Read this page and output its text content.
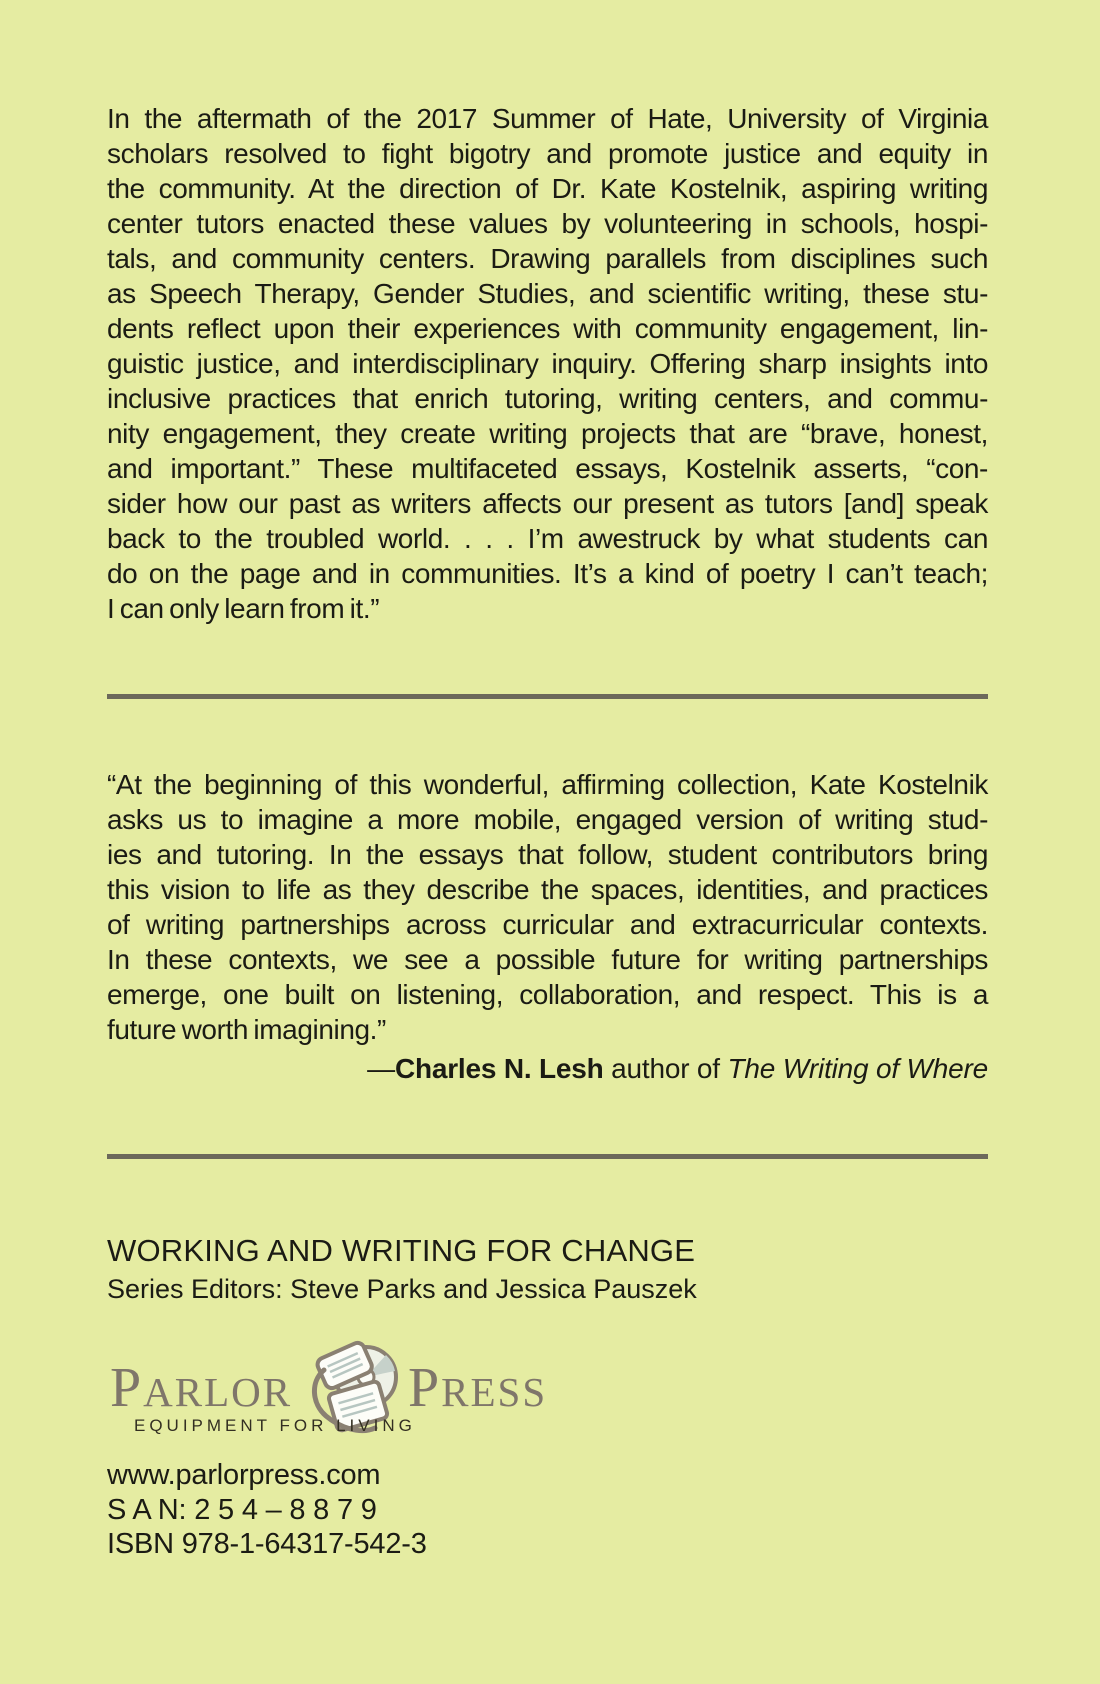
In the aftermath of the 2017 Summer of Hate, University of Virginia
scholars resolved to fight bigotry and promote justice and equity in
the community. At the direction of Dr. Kate Kostelnik, aspiring writing
center tutors enacted these values by volunteering in schools, hospi-
tals, and community centers. Drawing parallels from disciplines such
as Speech Therapy, Gender Studies, and scientific writing, these stu-
dents reflect upon their experiences with community engagement, lin-
guistic justice, and interdisciplinary inquiry. Offering sharp insights into
inclusive practices that enrich tutoring, writing centers, and commu-
nity engagement, they create writing projects that are “brave, honest,
and important.” These multifaceted essays, Kostelnik asserts, “con-
sider how our past as writers affects our present as tutors [and] speak
back to the troubled world. . . . I’m awestruck by what students can
do on the page and in communities. It’s a kind of poetry I can’t teach;
I can only learn from it.”
“At the beginning of this wonderful, affirming collection, Kate Kostelnik
asks us to imagine a more mobile, engaged version of writing stud-
ies and tutoring. In the essays that follow, student contributors bring
this vision to life as they describe the spaces, identities, and practices
of writing partnerships across curricular and extracurricular contexts.
In these contexts, we see a possible future for writing partnerships
emerge, one built on listening, collaboration, and respect. This is a
future worth imagining.”
—Charles N. Lesh author of The Writing of Where
WORKING AND WRITING FOR CHANGE
Series Editors: Steve Parks and Jessica Pauszek
PARLOR PRESS
EQUIPMENT FOR LIVING
www.parlorpress.com
S A N: 2 5 4 – 8 8 7 9
ISBN 978-1-64317-542-3
